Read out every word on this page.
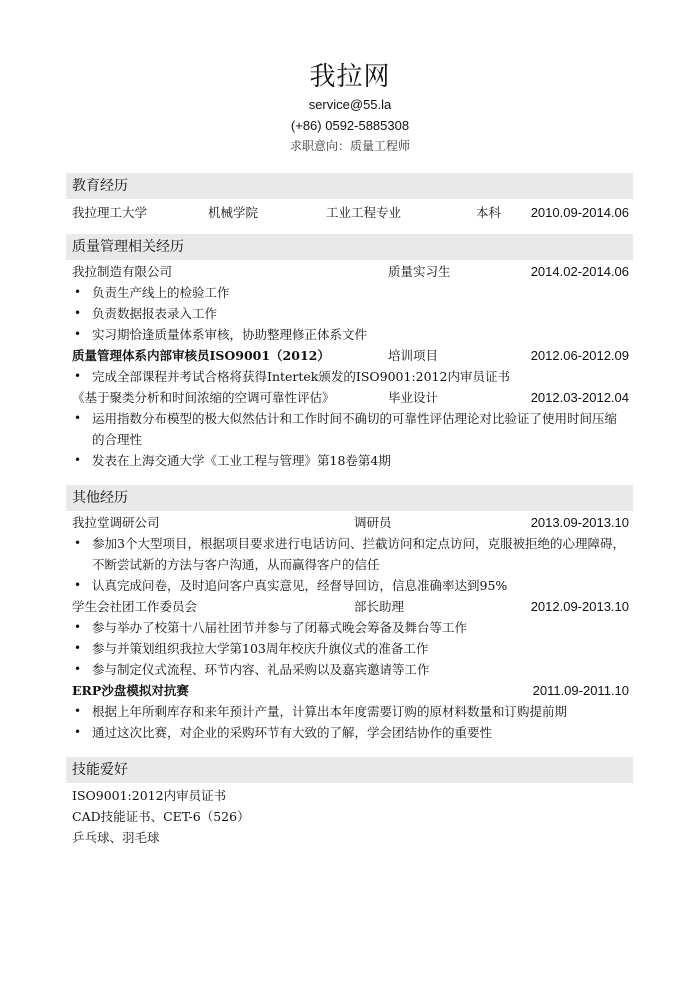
我拉网
service@55.la
(+86) 0592-5885308
求职意向：质量工程师
教育经历
我拉理工大学	机械学院	工业工程专业	本科 2010.09-2014.06
质量管理相关经历
我拉制造有限公司	质量实习生	2014.02-2014.06
• 负责生产线上的检验工作
• 负责数据报表录入工作
• 实习期恰逢质量体系审核，协助整理修正体系文件
质量管理体系内部审核员ISO9001（2012）	培训项目	2012.06-2012.09
• 完成全部课程并考试合格将获得Intertek颁发的ISO9001:2012内审员证书
《基于聚类分析和时间浓缩的空调可靠性评估》	毕业设计	2012.03-2012.04
• 运用指数分布模型的极大似然估计和工作时间不确切的可靠性评估理论对比验证了使用时间压缩的合理性
• 发表在上海交通大学《工业工程与管理》第18卷第4期
其他经历
我拉堂调研公司	调研员	2013.09-2013.10
• 参加3个大型项目，根据项目要求进行电话访问、拦截访问和定点访问，克服被拒绝的心理障碍，不断尝试新的方法与客户沟通，从而赢得客户的信任
• 认真完成问卷，及时追问客户真实意见，经督导回访，信息准确率达到95%
学生会社团工作委员会	部长助理	2012.09-2013.10
• 参与举办了校第十八届社团节并参与了闭幕式晚会筹备及舞台等工作
• 参与并策划组织我拉大学第103周年校庆升旗仪式的准备工作
• 参与制定仪式流程、环节内容、礼品采购以及嘉宾邀请等工作
ERP沙盘模拟对抗赛	2011.09-2011.10
• 根据上年所剩库存和来年预计产量，计算出本年度需要订购的原材料数量和订购提前期
• 通过这次比赛，对企业的采购环节有大致的了解，学会团结协作的重要性
技能爱好
ISO9001:2012内审员证书
CAD技能证书、CET-6（526）
乒乓球、羽毛球
